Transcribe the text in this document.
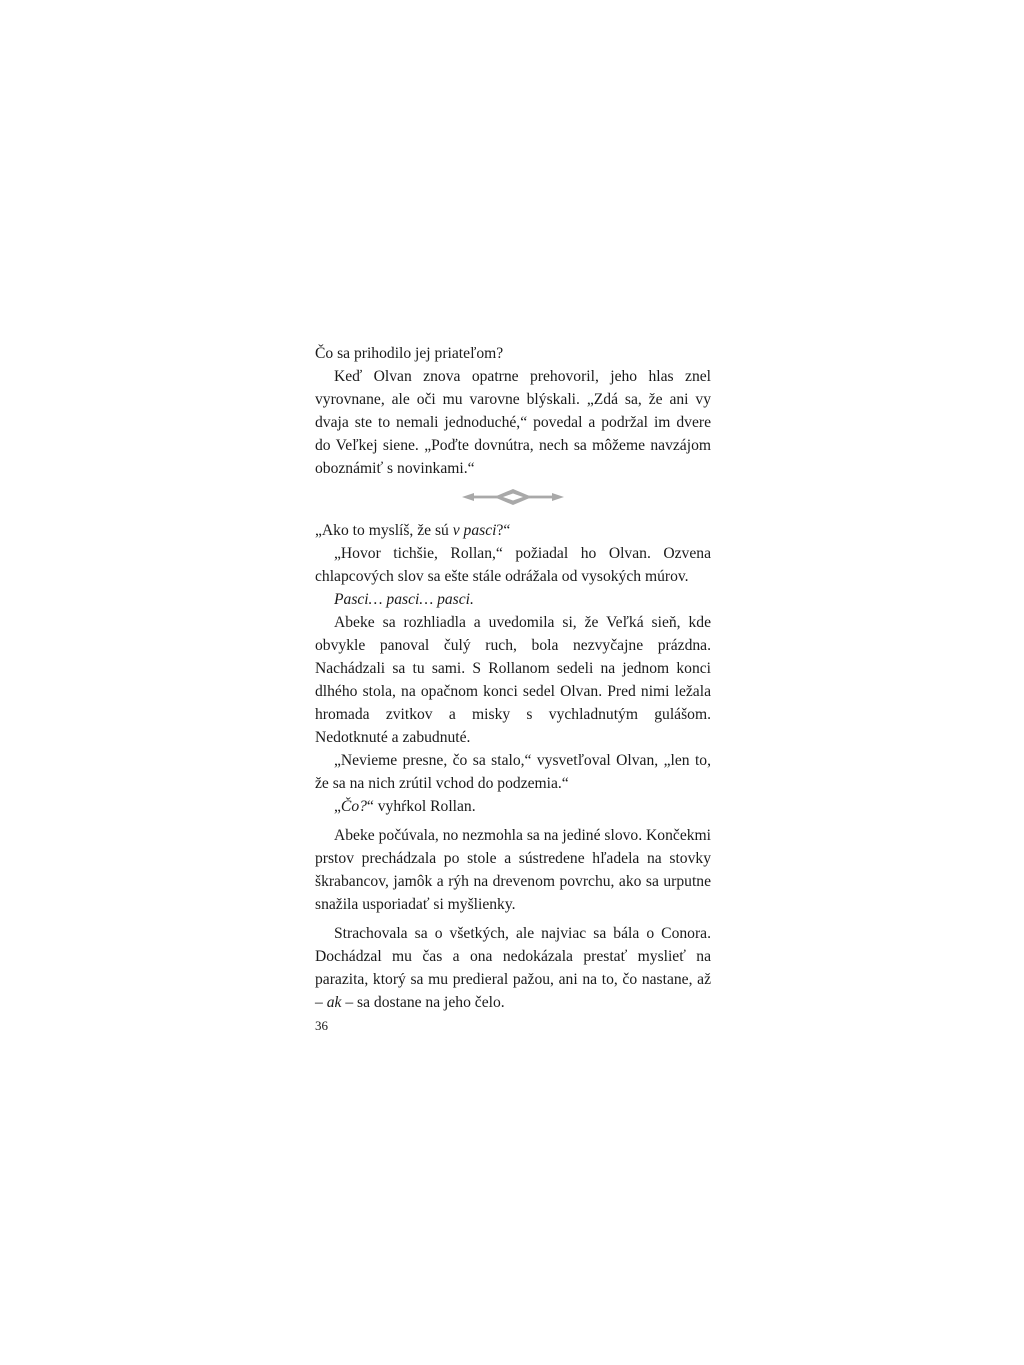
Čo sa prihodilo jej priateľom?

Keď Olvan znova opatrne prehovoril, jeho hlas znel vyrovnane, ale oči mu varovne blýskali. „Zdá sa, že ani vy dvaja ste to nemali jednoduché,“ povedal a podržal im dvere do Veľkej siene. „Poďte dovnútra, nech sa môžeme navzájom oboznámiť s novinkami.“

„Ako to myslíš, že sú v pasci?“

„Hovor tichšie, Rollan,“ požiadal ho Olvan. Ozvena chlapcových slov sa ešte stále odrážala od vysokých múrov.

Pasci… pasci… pasci.

Abeke sa rozhliadla a uvedomila si, že Veľká sieň, kde obvykle panoval čulý ruch, bola nezvyčajne prázdna. Nachádzali sa tu sami. S Rollanom sedeli na jednom konci dlhého stola, na opačnom konci sedel Olvan. Pred nimi ležala hromada zvitkov a misky s vychladnutým gulášom. Nedotknuté a zabudnuté.

„Nevieme presne, čo sa stalo,“ vysvetľoval Olvan, „len to, že sa na nich zrútil vchod do podzemia.“

„Čo?“ vyhŕkol Rollan.

Abeke počúvala, no nezmohla sa na jediné slovo. Končekmi prstov prechádzala po stole a sústredene hľadela na stovky škrabancov, jamôk a rýh na drevenom povrchu, ako sa urputne snažila usporiadať si myšlienky.

Strachovala sa o všetkých, ale najviac sa bála o Conora. Dochádzal mu čas a ona nedokázala prestať myslieť na parazita, ktorý sa mu predieral pažou, ani na to, čo nastane, až – ak – sa dostane na jeho čelo.

36
